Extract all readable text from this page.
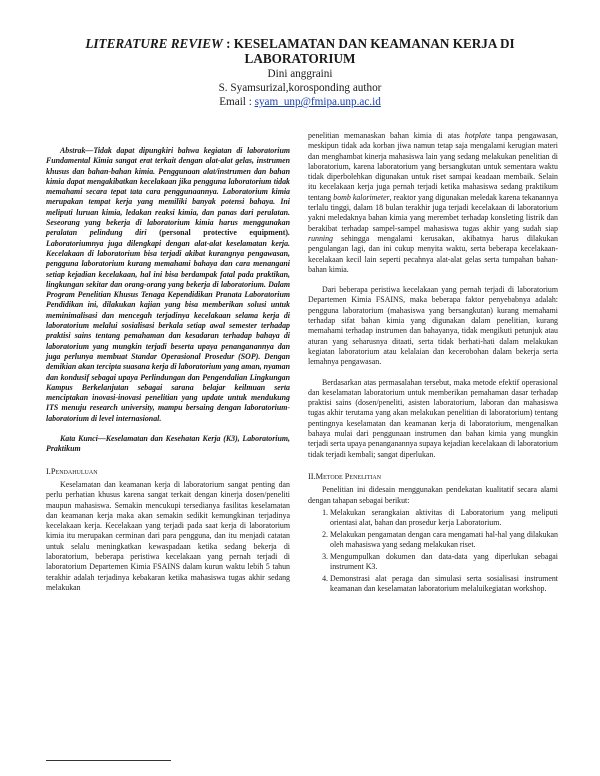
LITERATURE REVIEW : KESELAMATAN DAN KEAMANAN KERJA DI LABORATORIUM
Dini anggraini
S. Syamsurizal,korosponding author
Email : syam_unp@fmipa.unp.ac.id

Abstrak—Tidak dapat dipungkiri bahwa kegiatan di laboratorium Fundamental Kimia sangat erat terkait dengan alat-alat gelas, instrumen khusus dan bahan-bahan kimia. Penggunaan alat/instrumen dan bahan kimia dapat mengakibatkan kecelakaan jika pengguna laboratorium tidak memahami secara tepat tata cara penggunaannya. Laboratorium kimia merupakan tempat kerja yang memiliki banyak potensi bahaya. Ini meliputi luruan kimia, ledakan reaksi kimia, dan panas dari peralatan. Seseorang yang bekerja di laboratorium kimia harus menggunakan peralatan pelindung diri (personal protective equipment). Laboratoriumnya juga dilengkapi dengan alat-alat keselamatan kerja. Kecelakaan di laboratorium bisa terjadi akibat kurangnya pengawasan, pengguna laboratorium kurang memahami bahaya dan cara menangani setiap kejadian kecelakaan, hal ini bisa berdampak fatal pada praktikan, lingkungan sekitar dan orang-orang yang bekerja di laboratorium. Dalam Program Penelitian Khusus Tenaga Kependidikan Pranata Laboratorium Pendidikan ini, dilakukan kajian yang bisa memberikan solusi untuk meminimalisasi dan mencegah terjadinya kecelakaan selama kerja di laboratorium melalui sosialisasi berkala setiap awal semester terhadap praktisi sains tentang pemahaman dan kesadaran terhadap bahaya di laboratorium yang mungkin terjadi beserta upaya penanganannya dan juga perlunya membuat Standar Operasional Prosedur (SOP). Dengan demikian akan tercipta suasana kerja di laboratorium yang aman, nyaman dan kondusif sebagai upaya Perlindungan dan Pengendalian Lingkungan Kampus Berkelanjutan sebagai sarana belajar keilmuan serta menciptakan inovasi-inovasi penelitian yang update untuk mendukung ITS menuju research university, mampu bersaing dengan laboratorium-laboratorium di level internasional.

Kata Kunci—Keselamatan dan Kesehatan Kerja (K3), Laboratorium, Praktikum

I.Pendahuluan

Keselamatan dan keamanan kerja di laboratorium sangat penting dan perlu perhatian khusus karena sangat terkait dengan kinerja dosen/peneliti maupun mahasiswa. Semakin mencukupi tersedianya fasilitas keselamatan dan keamanan kerja maka akan semakin sedikit kemungkinan terjadinya kecelakaan kerja. Kecelakaan yang terjadi pada saat kerja di laboratorium kimia itu merupakan cerminan dari para pengguna, dan itu menjadi catatan untuk selalu meningkatkan kewaspadaan ketika sedang bekerja di laboratorium, beberapa peristiwa kecelakaan yang pernah terjadi di laboratorium Departemen Kimia FSAINS dalam kurun waktu lebih 5 tahun terakhir adalah terjadinya kebakaran ketika mahasiswa tugas akhir sedang melakukan

penelitian memanaskan bahan kimia di atas hotplate tanpa pengawasan, meskipun tidak ada korban jiwa namun tetap saja mengalami kerugian materi dan menghambat kinerja mahasiswa lain yang sedang melakukan penelitian di laboratorium, karena laboratorium yang bersangkutan untuk sementara waktu tidak diperbolehkan digunakan untuk riset sampai keadaan membaik. Selain itu kecelakaan kerja juga pernah terjadi ketika mahasiswa sedang praktikum tentang bomb kalorimeter, reaktor yang digunakan meledak karena tekanannya terlalu tinggi, dalam 18 bulan terakhir juga terjadi kecelakaan di laboratorium yakni meledaknya bahan kimia yang merembet terhadap konsleting listrik dan berakibat terhadap sampel-sampel mahasiswa tugas akhir yang sudah siap running sehingga mengalami kerusakan, akibatnya harus dilakukan pengulangan lagi, dan ini cukup menyita waktu, serta beberapa kecelakaan-kecelakaan kecil lain seperti pecahnya alat-alat gelas serta tumpahan bahan- bahan kimia.

Dari beberapa peristiwa kecelakaan yang pernah terjadi di laboratorium Departemen Kimia FSAINS, maka beberapa faktor penyebabnya adalah: pengguna laboratorium (mahasiswa yang bersangkutan) kurang memahami terhadap sifat bahan kimia yang digunakan dalam penelitian, kurang memahami terhadap instrumen dan bahayanya, tidak mengikuti petunjuk atau aturan yang seharusnya ditaati, serta tidak berhati-hati dalam melakukan kegiatan laboratorium atau kelalaian dan kecerobohan dalam bekerja serta lemahnya pengawasan.

Berdasarkan atas permasalahan tersebut, maka metode efektif operasional dan keselamatan laboratorium untuk memberikan pemahaman dasar terhadap praktisi sains (dosen/peneliti, asisten laboratorium, laboran dan mahasiswa tugas akhir terutama yang akan melakukan penelitian di laboratorium) tentang pentingnya keselamatan dan keamanan kerja di laboratorium, mengenalkan bahaya mulai dari penggunaan instrumen dan bahan kimia yang mungkin terjadi serta upaya penanganannya supaya kejadian kecelakaan di laboratorium tidak terjadi kembali; sangat diperlukan.

II.Metode Penelitian

Penelitian ini didesain menggunakan pendekatan kualitatif secara alami dengan tahapan sebagai berikut:

1. Melakukan serangkaian aktivitas di Laboratorium yang meliputi orientasi alat, bahan dan prosedur kerja Laboratorium.
2. Melakukan pengamatan dengan cara mengamati hal-hal yang dilakukan oleh mahasiswa yang sedang melakukan riset.
3. Mengumpulkan dokumen dan data-data yang diperlukan sebagai instrument K3.
4. Demonstrasi alat peraga dan simulasi serta sosialisasi instrument keamanan dan keselamatan laboratorium melaluikegiatan workshop.
